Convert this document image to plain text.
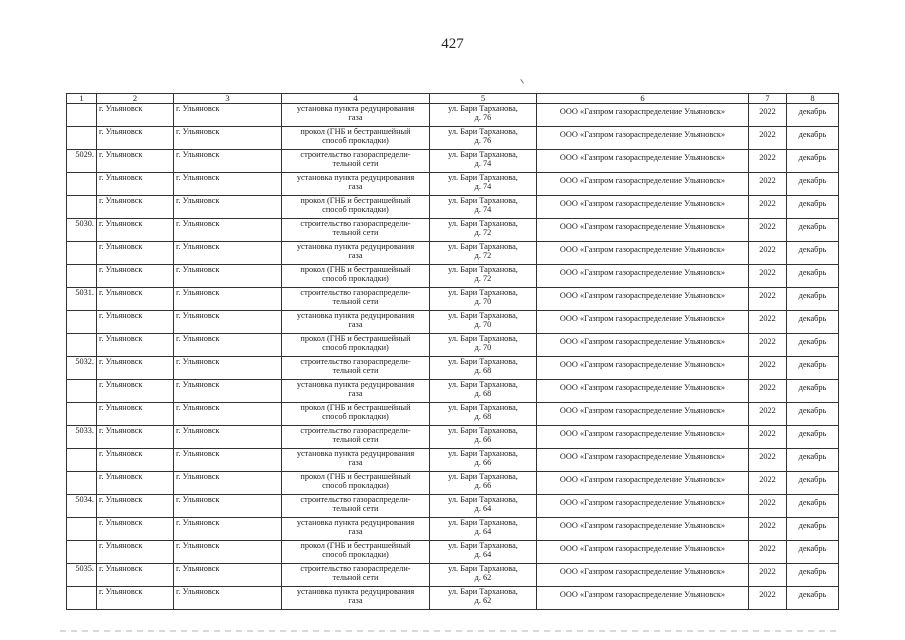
427
1	2	3	4	5	6	7	8
	г. Ульяновск	г. Ульяновск	установка пункта редуцирования
газа	ул. Бари Тарханова,
д. 76	ООО «Газпром газораспределение Ульяновск»	2022	декабрь

	г. Ульяновск	г. Ульяновск	прокол (ГНБ и бестраншейный
способ прокладки)	ул. Бари Тарханова,
д. 76	ООО «Газпром газораспределение Ульяновск»	2022	декабрь

5029.	г. Ульяновск	г. Ульяновск	строительство газораспредели-
тельной сети	ул. Бари Тарханова,
д. 74	ООО «Газпром газораспределение Ульяновск»	2022	декабрь

	г. Ульяновск	г. Ульяновск	установка пункта редуцирования
газа	ул. Бари Тарханова,
д. 74	ООО «Газпром газораспределение Ульяновск»	2022	декабрь

	г. Ульяновск	г. Ульяновск	прокол (ГНБ и бестраншейный
способ прокладки)	ул. Бари Тарханова,
д. 74	ООО «Газпром газораспределение Ульяновск»	2022	декабрь

5030.	г. Ульяновск	г. Ульяновск	строительство газораспредели-
тельной сети	ул. Бари Тарханова,
д. 72	ООО «Газпром газораспределение Ульяновск»	2022	декабрь

	г. Ульяновск	г. Ульяновск	установка пункта редуцирования
газа	ул. Бари Тарханова,
д. 72	ООО «Газпром газораспределение Ульяновск»	2022	декабрь

	г. Ульяновск	г. Ульяновск	прокол (ГНБ и бестраншейный
способ прокладки)	ул. Бари Тарханова,
д. 72	ООО «Газпром газораспределение Ульяновск»	2022	декабрь

5031.	г. Ульяновск	г. Ульяновск	строительство газораспредели-
тельной сети	ул. Бари Тарханова,
д. 70	ООО «Газпром газораспределение Ульяновск»	2022	декабрь

	г. Ульяновск	г. Ульяновск	установка пункта редуцирования
газа	ул. Бари Тарханова,
д. 70	ООО «Газпром газораспределение Ульяновск»	2022	декабрь

	г. Ульяновск	г. Ульяновск	прокол (ГНБ и бестраншейный
способ прокладки)	ул. Бари Тарханова,
д. 70	ООО «Газпром газораспределение Ульяновск»	2022	декабрь

5032.	г. Ульяновск	г. Ульяновск	строительство газораспредели-
тельной сети	ул. Бари Тарханова,
д. 68	ООО «Газпром газораспределение Ульяновск»	2022	декабрь

	г. Ульяновск	г. Ульяновск	установка пункта редуцирования
газа	ул. Бари Тарханова,
д. 68	ООО «Газпром газораспределение Ульяновск»	2022	декабрь

	г. Ульяновск	г. Ульяновск	прокол (ГНБ и бестраншейный
способ прокладки)	ул. Бари Тарханова,
д. 68	ООО «Газпром газораспределение Ульяновск»	2022	декабрь

5033.	г. Ульяновск	г. Ульяновск	строительство газораспредели-
тельной сети	ул. Бари Тарханова,
д. 66	ООО «Газпром газораспределение Ульяновск»	2022	декабрь

	г. Ульяновск	г. Ульяновск	установка пункта редуцирования
газа	ул. Бари Тарханова,
д. 66	ООО «Газпром газораспределение Ульяновск»	2022	декабрь

	г. Ульяновск	г. Ульяновск	прокол (ГНБ и бестраншейный
способ прокладки)	ул. Бари Тарханова,
д. 66	ООО «Газпром газораспределение Ульяновск»	2022	декабрь

5034.	г. Ульяновск	г. Ульяновск	строительство газораспредели-
тельной сети	ул. Бари Тарханова,
д. 64	ООО «Газпром газораспределение Ульяновск»	2022	декабрь

	г. Ульяновск	г. Ульяновск	установка пункта редуцирования
газа	ул. Бари Тарханова,
д. 64	ООО «Газпром газораспределение Ульяновск»	2022	декабрь

	г. Ульяновск	г. Ульяновск	прокол (ГНБ и бестраншейный
способ прокладки)	ул. Бари Тарханова,
д. 64	ООО «Газпром газораспределение Ульяновск»	2022	декабрь

5035.	г. Ульяновск	г. Ульяновск	строительство газораспредели-
тельной сети	ул. Бари Тарханова,
д. 62	ООО «Газпром газораспределение Ульяновск»	2022	декабрь

	г. Ульяновск	г. Ульяновск	установка пункта редуцирования
газа	ул. Бари Тарханова,
д. 62	ООО «Газпром газораспределение Ульяновск»	2022	декабрь
